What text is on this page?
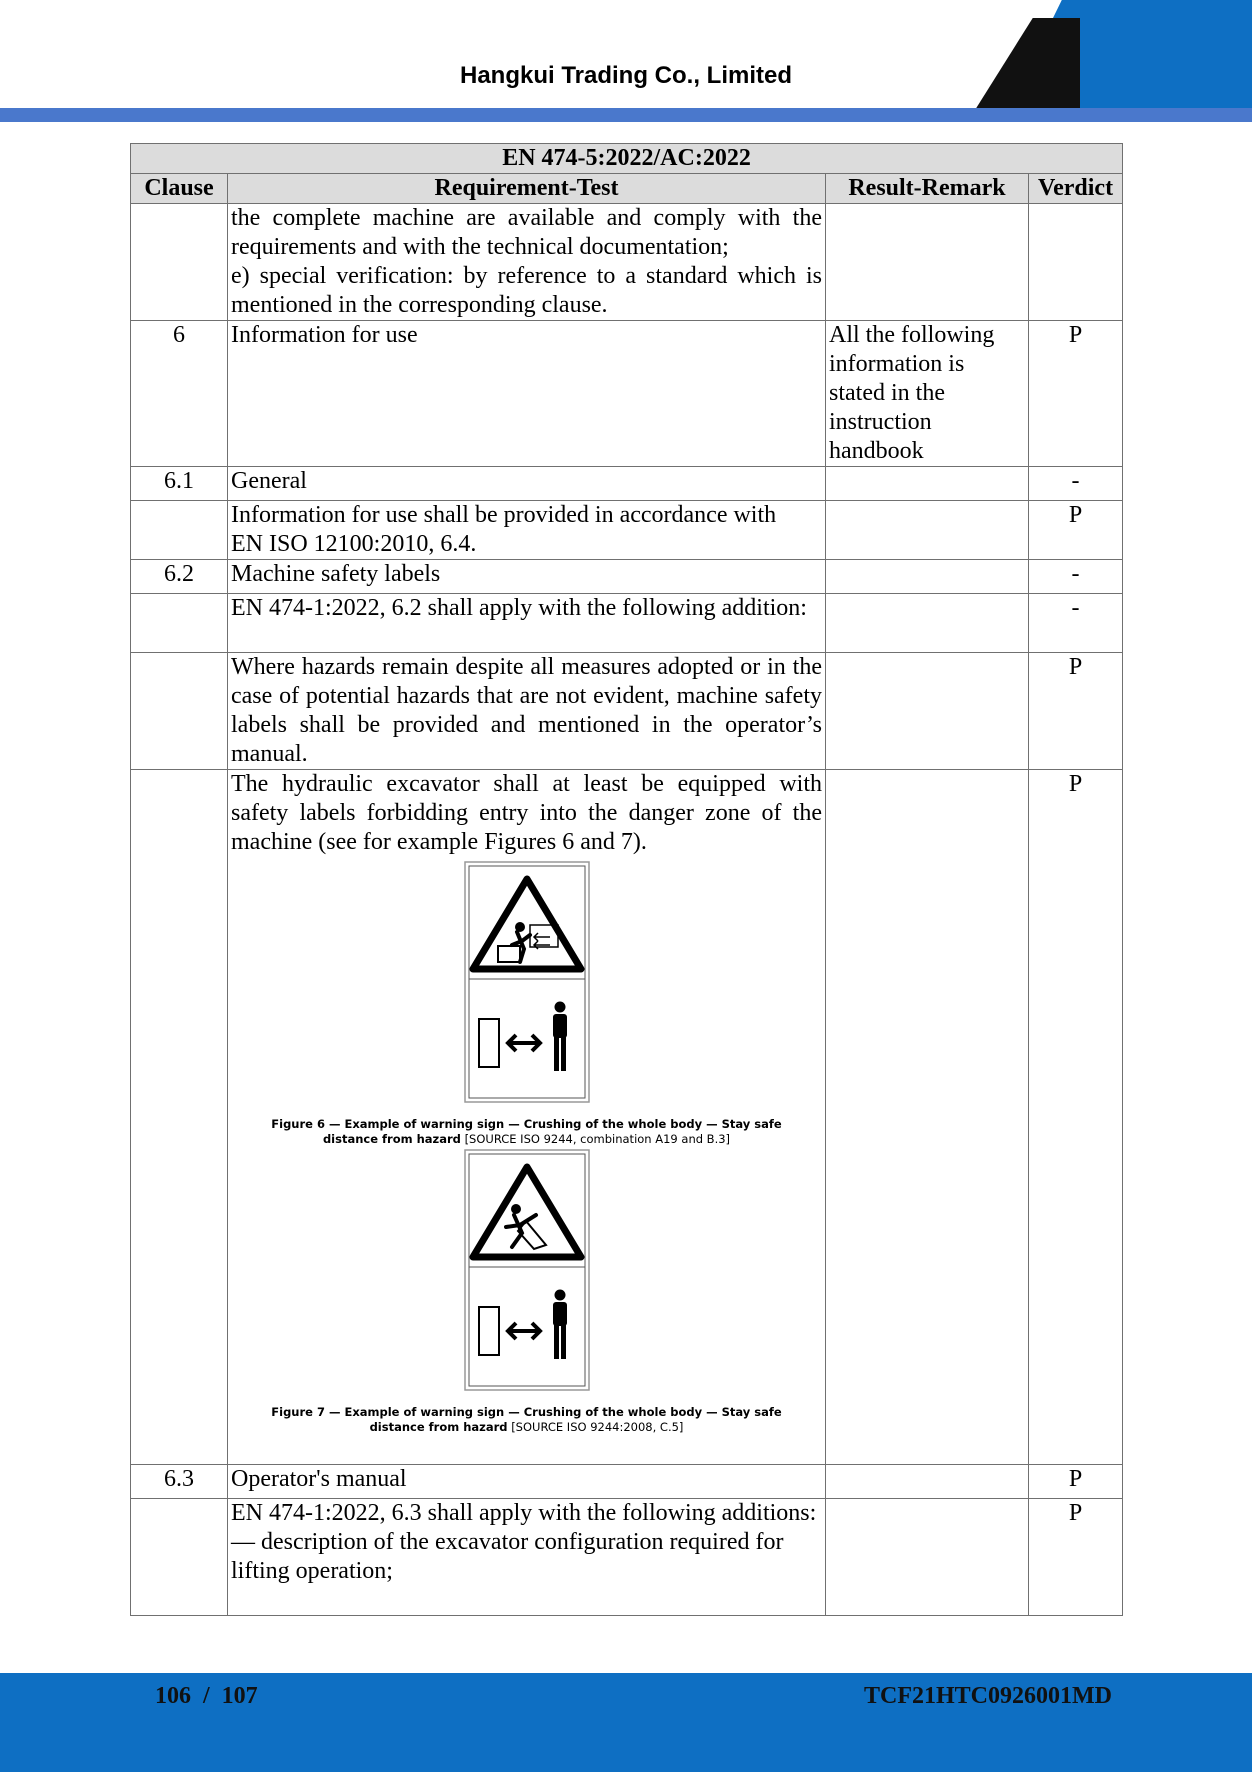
Hangkui Trading Co., Limited
EN 474-5:2022/AC:2022			
Clause	Requirement-Test	Result-Remark	Verdict

	the complete machine are available and comply with the
requirements and with the technical documentation;
e) special verification: by reference to a standard which is
mentioned in the corresponding clause.		

6	Information for use	All the following information is stated in the instruction handbook	P
6.1	General		-

	Information for use shall be provided in accordance with
EN ISO 12100:2010, 6.4.		P
6.2	Machine safety labels		-
	EN 474-1:2022, 6.2 shall apply with the following addition:		-
	Where hazards remain despite all measures adopted or in the case of potential hazards that are not evident, machine safety labels shall be provided and mentioned in the operator’s manual.		P

	The hydraulic excavator shall at least be equipped with safety labels forbidding entry into the danger zone of the machine (see for example Figures 6 and 7).
Figure 6 — Example of warning sign — Crushing of the whole body — Stay safe distance from hazard [SOURCE ISO 9244, combination A19 and B.3]
Figure 7 — Example of warning sign — Crushing of the whole body — Stay safe distance from hazard [SOURCE ISO 9244:2008, C.5]		P
6.3	Operator's manual		P

	EN 474-1:2022, 6.3 shall apply with the following additions:
— description of the excavator configuration required for lifting operation;		P
106  /  107	TCF21HTC0926001MD
